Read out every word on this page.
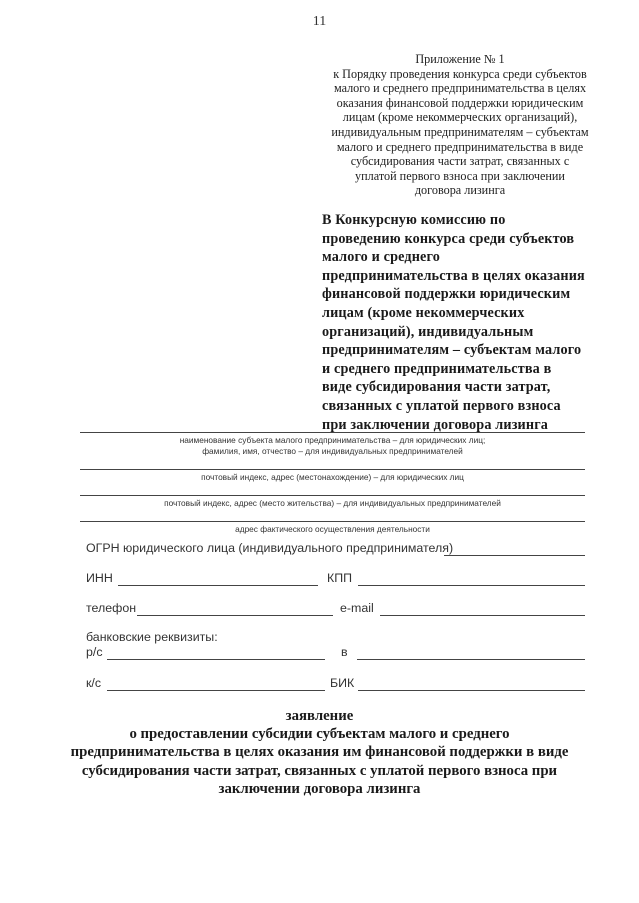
11
Приложение № 1
к Порядку проведения конкурса среди субъектов
малого и среднего предпринимательства в целях
оказания финансовой поддержки юридическим
лицам (кроме некоммерческих организаций),
индивидуальным предпринимателям – субъектам
малого и среднего предпринимательства в виде
субсидирования части затрат, связанных с
уплатой первого взноса при заключении
договора лизинга
В Конкурсную комиссию по
проведению конкурса среди субъектов
малого и среднего
предпринимательства в целях оказания
финансовой поддержки юридическим
лицам (кроме некоммерческих
организаций), индивидуальным
предпринимателям – субъектам малого
и среднего предпринимательства в
виде субсидирования части затрат,
связанных с уплатой первого взноса
при заключении договора лизинга
наименование субъекта малого предпринимательства – для юридических лиц;
фамилия, имя, отчество – для индивидуальных предпринимателей
почтовый индекс, адрес (местонахождение) – для юридических лиц
почтовый индекс, адрес (место жительства) – для индивидуальных предпринимателей
адрес фактического осуществления деятельности
ОГРН юридического лица (индивидуального предпринимателя)
ИНН	КПП
телефон	e-mail
банковские реквизиты:
р/с	в
к/с	БИК
заявление
о предоставлении субсидии субъектам малого и среднего
предпринимательства в целях оказания им финансовой поддержки в виде
субсидирования части затрат, связанных с уплатой первого взноса при
заключении договора лизинга
